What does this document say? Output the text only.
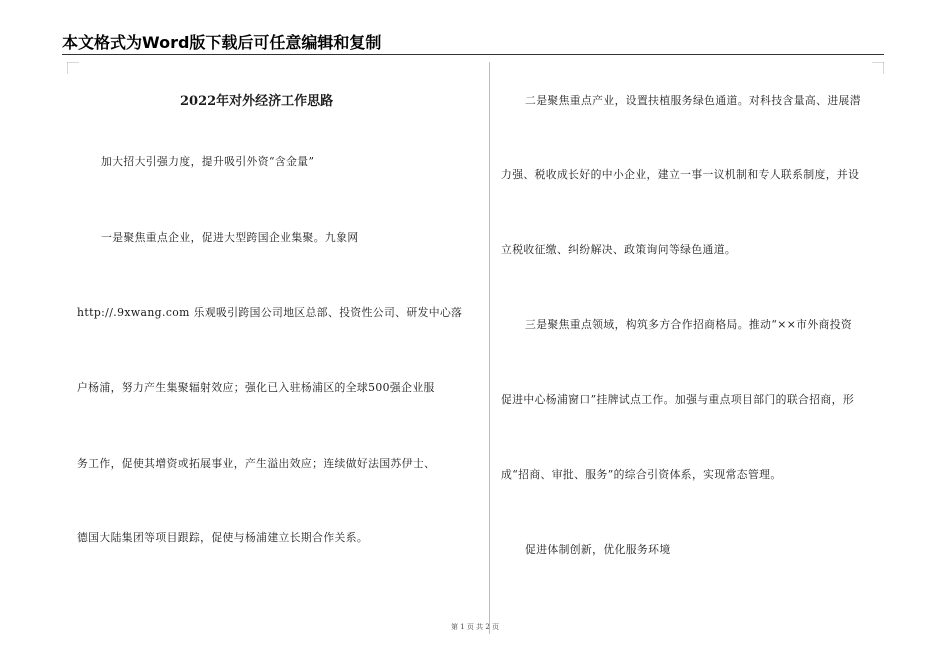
本文格式为Word版下载后可任意编辑和复制
2022年对外经济工作思路
加大招大引强力度，提升吸引外资“含金量”
一是聚焦重点企业，促进大型跨国企业集聚。九象网
http://.9xwang.com 乐观吸引跨国公司地区总部、投资性公司、研发中心落
户杨浦，努力产生集聚辐射效应；强化已入驻杨浦区的全球500强企业服
务工作，促使其增资或拓展事业，产生溢出效应；连续做好法国苏伊士、
德国大陆集团等项目跟踪，促使与杨浦建立长期合作关系。
二是聚焦重点产业，设置扶植服务绿色通道。对科技含量高、进展潜
力强、税收成长好的中小企业，建立一事一议机制和专人联系制度，并设
立税收征缴、纠纷解决、政策询问等绿色通道。
三是聚焦重点领域，构筑多方合作招商格局。推动“××市外商投资
促进中心杨浦窗口”挂牌试点工作。加强与重点项目部门的联合招商，形
成“招商、审批、服务”的综合引资体系，实现常态管理。
促进体制创新，优化服务环境
第 1 页 共 2 页
